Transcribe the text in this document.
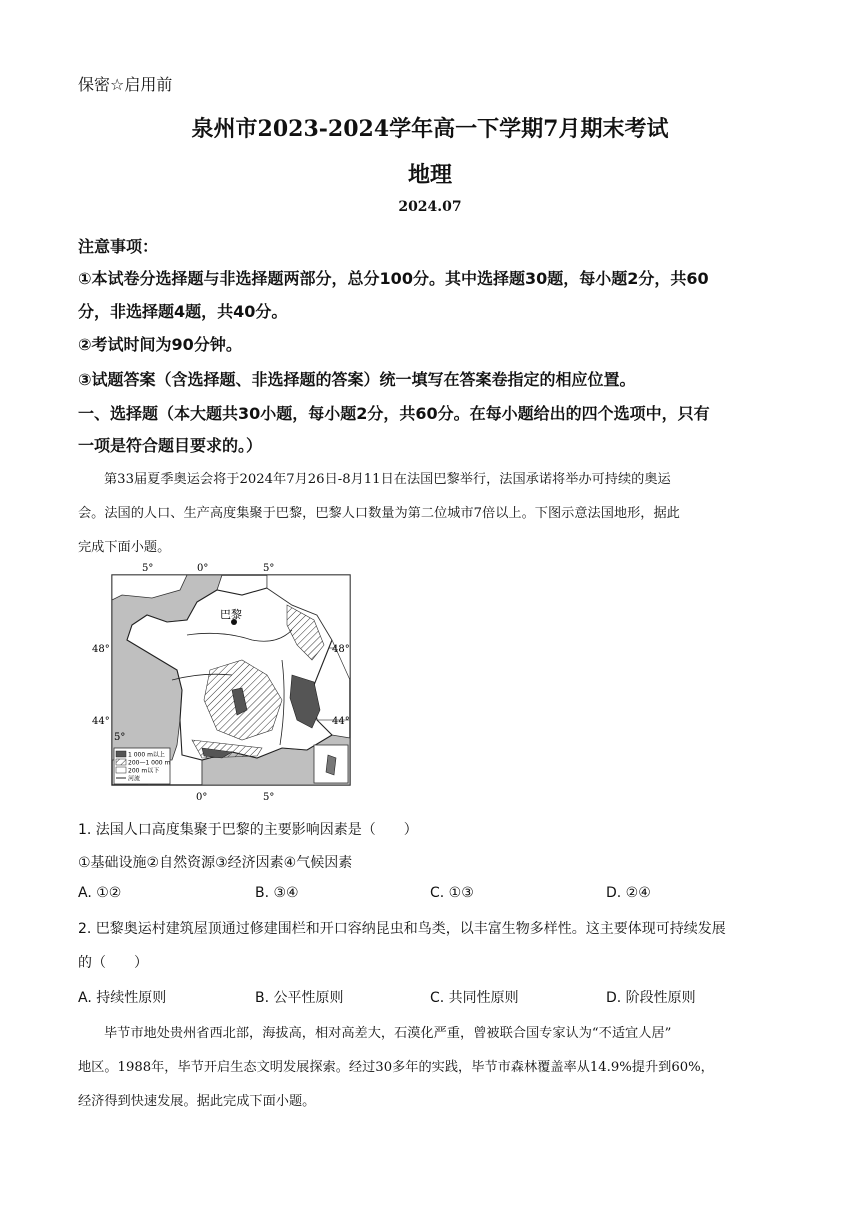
保密☆启用前
泉州市2023-2024学年高一下学期7月期末考试
地理
2024.07
注意事项：
①本试卷分选择题与非选择题两部分，总分100分。其中选择题30题，每小题2分，共60
分，非选择题4题，共40分。
②考试时间为90分钟。
③试题答案（含选择题、非选择题的答案）统一填写在答案卷指定的相应位置。
一、选择题（本大题共30小题，每小题2分，共60分。在每小题给出的四个选项中，只有
一项是符合题目要求的。）
第33届夏季奥运会将于2024年7月26日-8月11日在法国巴黎举行，法国承诺将举办可持续的奥运
会。法国的人口、生产高度集聚于巴黎，巴黎人口数量为第二位城市7倍以上。下图示意法国地形，据此
完成下面小题。
1 000 m以上
200—1 000 m
200 m以下
河流
巴黎
5°	0°	5°
48°
44°
48°
44°
5°
0°	5°
1. 法国人口高度集聚于巴黎的主要影响因素是（　　）
①基础设施②自然资源③经济因素④气候因素
A. ①②	B. ③④	C. ①③	D. ②④
2. 巴黎奥运村建筑屋顶通过修建围栏和开口容纳昆虫和鸟类，以丰富生物多样性。这主要体现可持续发展
的（　　）
A. 持续性原则	B. 公平性原则	C. 共同性原则	D. 阶段性原则
毕节市地处贵州省西北部，海拔高，相对高差大，石漠化严重，曾被联合国专家认为“不适宜人居”
地区。1988年，毕节开启生态文明发展探索。经过30多年的实践，毕节市森林覆盖率从14.9%提升到60%，
经济得到快速发展。据此完成下面小题。
